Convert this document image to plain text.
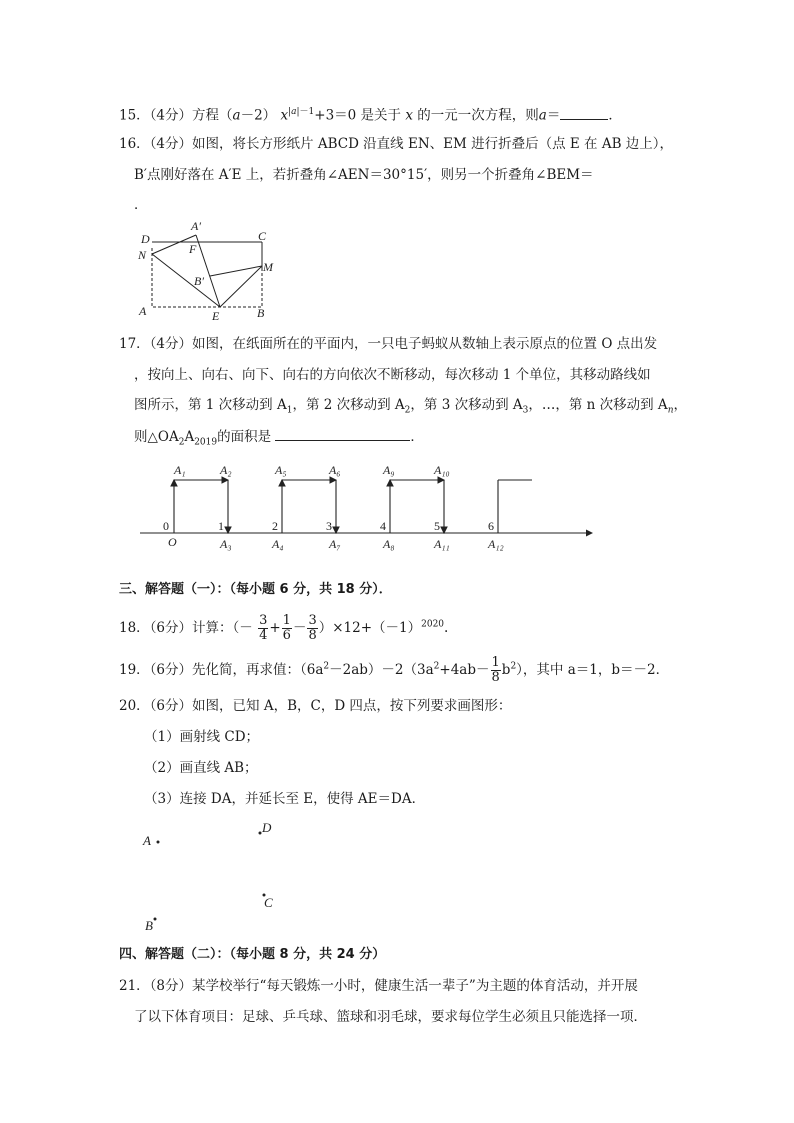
15．（4分）方程（a－2） $x^{|a|-1}+3=0$ 是关于 x 的一元一次方程，则a＝	．
16．（4分）如图，将长方形纸片 ABCD 沿直线 EN、EM 进行折叠后（点 E 在 AB 边上），
B′点刚好落在 A′E 上，若折叠角∠AEN＝30°15′，则另一个折叠角∠BEM＝
．
D
A′
C
N	F
M
B′
A	E	B
17．（4分）如图，在纸面所在的平面内，一只电子蚂蚁从数轴上表示原点的位置 O 点出发
，按向上、向右、向下、向右的方向依次不断移动，每次移动 1 个单位，其移动路线如
图所示，第 1 次移动到 $A_1$，第 2 次移动到 $A_2$，第 3 次移动到 $A_3$，…，第 n 次移动到 $A_n$，
则$\triangle OA_2A_{2019}$的面积是	．
0	1	2	3	4	5	6
O
A₁	A₂	A₅	A₆	A₉	A₁₀
A₃	A₄	A₇	A₈	A₁₁	A₁₂
三、解答题（一）：（每小题 6 分，共 18 分）．
18．（6分）计算：（－ $\frac{3}{4} + \frac{1}{6} - \frac{3}{8} )\times 12+(-1)^{2020}$.
19．（6分）先化简，再求值：$(6a^2-2ab)-2(3a^2+4ab- \frac{1}{8} b^2)$，其中 a＝1，b＝－2．
20．（6分）如图，已知 A，B，C，D 四点，按下列要求画图形：
（1）画射线 CD；
（2）画直线 AB；
（3）连接 DA，并延长至 E，使得 AE＝DA．
A
D
C
B
四、解答题（二）：（每小题 8 分，共 24 分）
21．（8分）某学校举行“每天锻炼一小时，健康生活一辈子”为主题的体育活动，并开展
了以下体育项目：足球、乒乓球、篮球和羽毛球，要求每位学生必须且只能选择一项．
